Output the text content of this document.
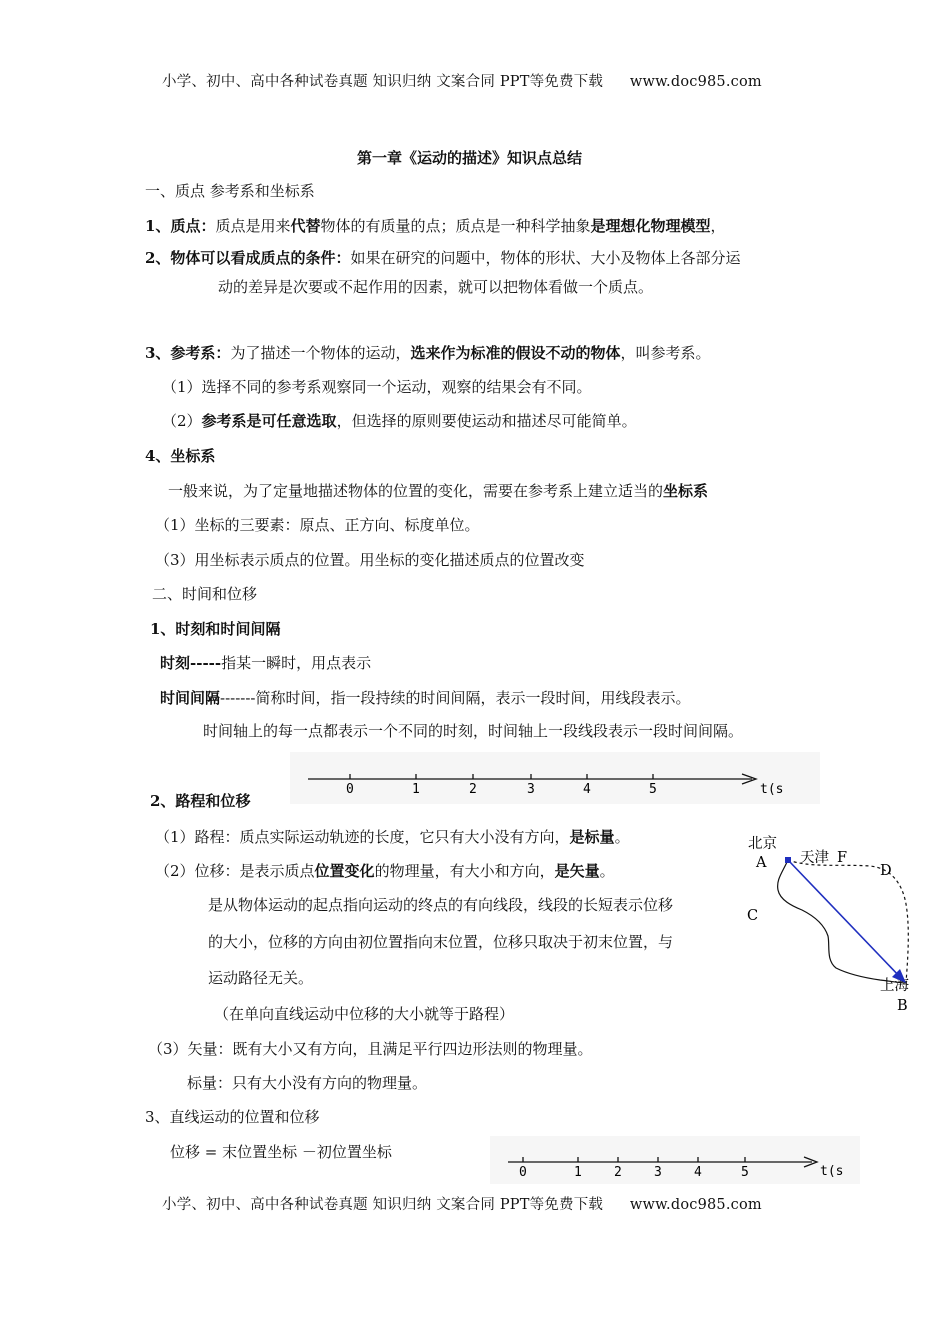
小学、初中、高中各种试卷真题 知识归纳 文案合同 PPT等免费下载 www.doc985.com
第一章《运动的描述》知识点总结
一、质点 参考系和坐标系
1、质点：质点是用来代替物体的有质量的点；质点是一种科学抽象是理想化物理模型，
2、物体可以看成质点的条件：如果在研究的问题中，物体的形状、大小及物体上各部分运
动的差异是次要或不起作用的因素，就可以把物体看做一个质点。
3、参考系：为了描述一个物体的运动，选来作为标准的假设不动的物体，叫参考系。
（1）选择不同的参考系观察同一个运动，观察的结果会有不同。
（2）参考系是可任意选取，但选择的原则要使运动和描述尽可能简单。
4、坐标系
一般来说，为了定量地描述物体的位置的变化，需要在参考系上建立适当的坐标系
（1）坐标的三要素：原点、正方向、标度单位。
（3）用坐标表示质点的位置。用坐标的变化描述质点的位置改变
二、时间和位移
1、时刻和时间间隔
时刻-----指某一瞬时，用点表示
时间间隔-------简称时间，指一段持续的时间间隔，表示一段时间，用线段表示。
时间轴上的每一点都表示一个不同的时刻，时间轴上一段线段表示一段时间间隔。
0	1	2	3	4	5	t(s
2、路程和位移
（1）路程：质点实际运动轨迹的长度，它只有大小没有方向，是标量。
（2）位移：是表示质点位置变化的物理量，有大小和方向，是矢量。
是从物体运动的起点指向运动的终点的有向线段，线段的长短表示位移
的大小，位移的方向由初位置指向末位置，位移只取决于初末位置，与
运动路径无关。
（在单向直线运动中位移的大小就等于路程）
（3）矢量：既有大小又有方向，且满足平行四边形法则的物理量。
标量：只有大小没有方向的物理量。
3、直线运动的位置和位移
位移 = 末位置坐标 －初位置坐标
0	1 2 3 4	5	t(s
北京
A 天津 F
D
C
上海
B
小学、初中、高中各种试卷真题 知识归纳 文案合同 PPT等免费下载 www.doc985.com
